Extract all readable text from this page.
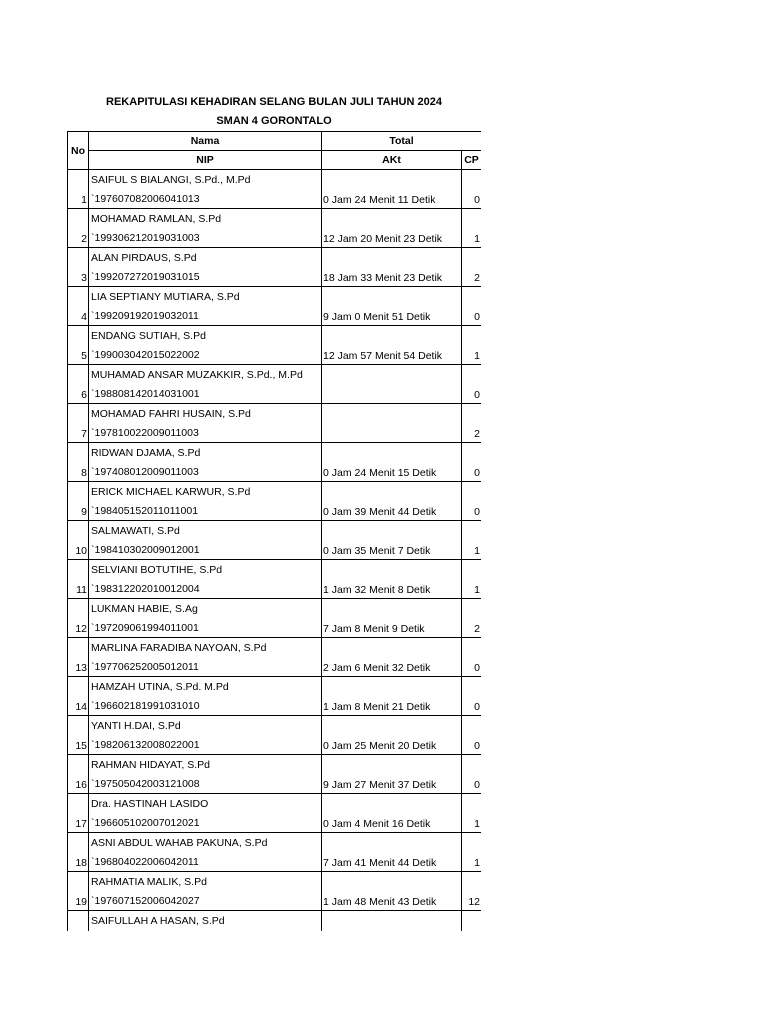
REKAPITULASI KEHADIRAN SELANG BULAN JULI TAHUN 2024
SMAN 4 GORONTALO
No	Nama	Total	
	NIP	AKt	CP
1	SAIFUL S BIALANGI, S.Pd., M.Pd	0 Jam 24 Menit 11 Detik	0
	`197607082006041013		
2	MOHAMAD RAMLAN, S.Pd	12 Jam 20 Menit 23 Detik	1
	`199306212019031003		
3	ALAN PIRDAUS, S.Pd	18 Jam 33 Menit 23 Detik	2
	`199207272019031015		
4	LIA SEPTIANY MUTIARA, S.Pd	9 Jam 0 Menit 51 Detik	0
	`199209192019032011		
5	ENDANG SUTIAH, S.Pd	12 Jam 57 Menit 54 Detik	1
	`199003042015022002		
6	MUHAMAD ANSAR MUZAKKIR, S.Pd., M.Pd		0
	`198808142014031001		
7	MOHAMAD FAHRI HUSAIN, S.Pd		2
	`197810022009011003		
8	RIDWAN DJAMA, S.Pd	0 Jam 24 Menit 15 Detik	0
	`197408012009011003		
9	ERICK MICHAEL KARWUR, S.Pd	0 Jam 39 Menit 44 Detik	0
	`198405152011011001		
10	SALMAWATI, S.Pd	0 Jam 35 Menit 7 Detik	1
	`198410302009012001		
11	SELVIANI BOTUTIHE, S.Pd	1 Jam 32 Menit 8 Detik	1
	`198312202010012004		
12	LUKMAN HABIE, S.Ag	7 Jam 8 Menit 9 Detik	2
	`197209061994011001		
13	MARLINA FARADIBA NAYOAN, S.Pd	2 Jam 6 Menit 32 Detik	0
	`197706252005012011		
14	HAMZAH UTINA, S.Pd. M.Pd	1 Jam 8 Menit 21 Detik	0
	`196602181991031010		
15	YANTI H.DAI, S.Pd	0 Jam 25 Menit 20 Detik	0
	`198206132008022001		
16	RAHMAN HIDAYAT, S.Pd	9 Jam 27 Menit 37 Detik	0
	`197505042003121008		
17	Dra. HASTINAH LASIDO	0 Jam 4 Menit 16 Detik	1
	`196605102007012021		
18	ASNI ABDUL WAHAB PAKUNA, S.Pd	7 Jam 41 Menit 44 Detik	1
	`196804022006042011		
19	RAHMATIA MALIK, S.Pd	1 Jam 48 Menit 43 Detik	12
	`197607152006042027		
	SAIFULLAH A HASAN, S.Pd		
